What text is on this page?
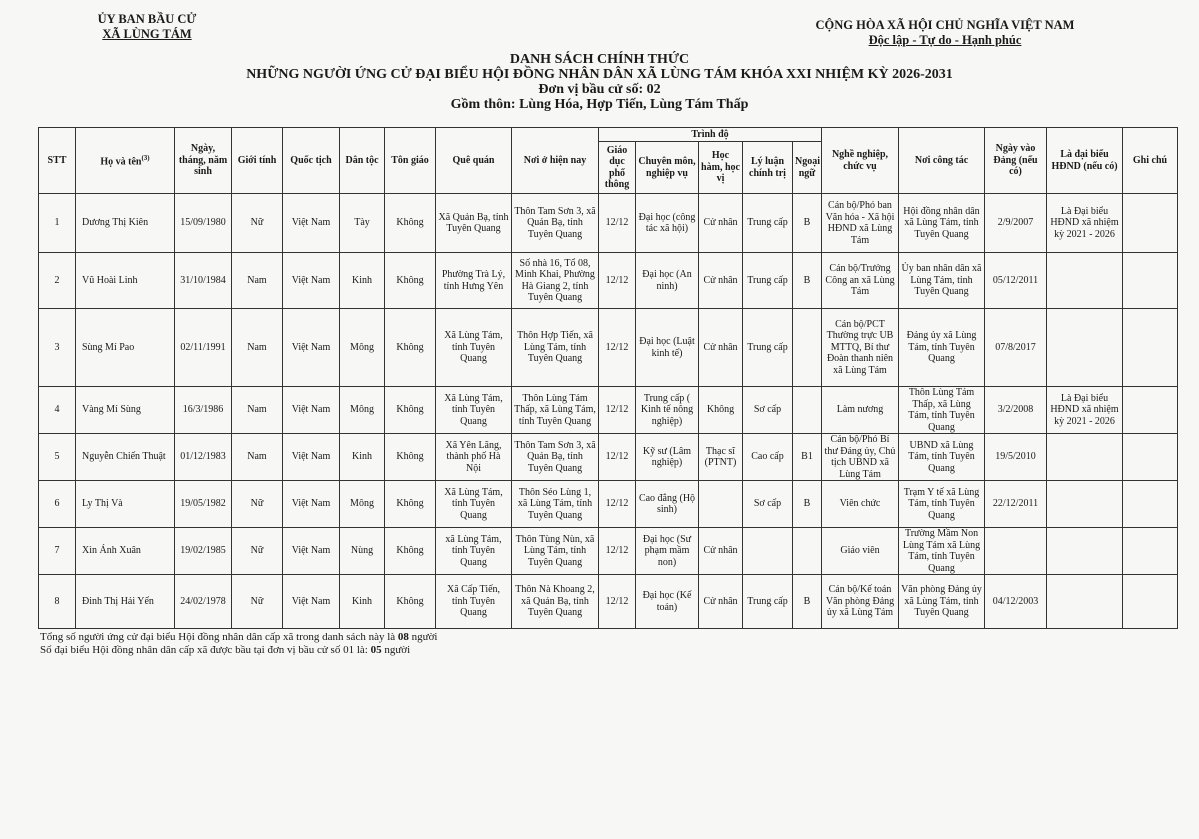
ỦY BAN BẦU CỬ
XÃ LÙNG TÁM
CỘNG HÒA XÃ HỘI CHỦ NGHĨA VIỆT NAM
Độc lập - Tự do - Hạnh phúc
DANH SÁCH CHÍNH THỨC
NHỮNG NGƯỜI ỨNG CỬ ĐẠI BIỂU HỘI ĐỒNG NHÂN DÂN XÃ LÙNG TÁM KHÓA XXI NHIỆM KỲ 2026-2031
Đơn vị bầu cử số: 02
Gồm thôn: Lùng Hóa, Hợp Tiến, Lùng Tám Thấp
STT	Họ và tên$^{(3)}$	Ngày, tháng, năm sinh	Giới tính	Quốc tịch	Dân tộc	Tôn giáo	Quê quán	Nơi ở hiện nay	Trình độ					Nghề nghiệp, chức vụ	Nơi công tác	Ngày vào Đảng (nếu có)	Là đại biểu HĐND (nếu có)	Ghi chú
									Giáo dục phổ thông	Chuyên môn, nghiệp vụ	Học hàm, học vị	Lý luận chính trị	Ngoại ngữ					
1	Dương Thị Kiên	15/09/1980	Nữ	Việt Nam	Tày	Không	Xã Quản Bạ, tỉnh Tuyên Quang	Thôn Tam Sơn 3, xã Quản Bạ, tỉnh Tuyên Quang	12/12	Đại học (công tác xã hội)	Cử nhân	Trung cấp	B	Cán bộ/Phó ban Văn hóa - Xã hội HĐND xã Lùng Tám	Hội đồng nhân dân xã Lùng Tám, tỉnh Tuyên Quang	2/9/2007	Là Đại biểu HĐND xã nhiệm kỳ 2021 - 2026	
2	Vũ Hoài Linh	31/10/1984	Nam	Việt Nam	Kinh	Không	Phường Trà Lý, tỉnh Hưng Yên	Số nhà 16, Tổ 08, Minh Khai, Phường Hà Giang 2, tỉnh Tuyên Quang	12/12	Đại học (An ninh)	Cử nhân	Trung cấp	B	Cán bộ/Trưởng Công an xã Lùng Tám	Ủy ban nhân dân xã Lùng Tám, tỉnh Tuyên Quang	05/12/2011		
3	Sùng Mí Pao	02/11/1991	Nam	Việt Nam	Mông	Không	Xã Lùng Tám, tỉnh Tuyên Quang	Thôn Hợp Tiến, xã Lùng Tám, tỉnh Tuyên Quang	12/12	Đại học (Luật kinh tế)	Cử nhân	Trung cấp		Cán bộ/PCT Thường trực UB MTTQ, Bí thư Đoàn thanh niên xã Lùng Tám	Đảng ủy xã Lùng Tám, tỉnh Tuyên Quang	07/8/2017		
4	Vàng Mí Sùng	16/3/1986	Nam	Việt Nam	Mông	Không	Xã Lùng Tám, tỉnh Tuyên Quang	Thôn Lùng Tám Thấp, xã Lùng Tám, tỉnh Tuyên Quang	12/12	Trung cấp ( Kinh tế nông nghiệp)	Không	Sơ cấp		Làm nương	Thôn Lùng Tám Thấp, xã Lùng Tám, tỉnh Tuyên Quang	3/2/2008	Là Đại biểu HĐND xã nhiệm kỳ 2021 - 2026	
5	Nguyễn Chiến Thuật	01/12/1983	Nam	Việt Nam	Kinh	Không	Xã Yên Lãng, thành phố Hà Nội	Thôn Tam Sơn 3, xã Quản Bạ, tỉnh Tuyên Quang	12/12	Kỹ sư (Lâm nghiệp)	Thạc sĩ (PTNT)	Cao cấp	B1	Cán bộ/Phó Bí thư Đảng ủy, Chủ tịch UBND xã Lùng Tám	UBND xã Lùng Tám, tỉnh Tuyên Quang	19/5/2010		
6	Ly Thị Và	19/05/1982	Nữ	Việt Nam	Mông	Không	Xã Lùng Tám, tỉnh Tuyên Quang	Thôn Séo Lùng 1, xã Lùng Tám, tỉnh Tuyên Quang	12/12	Cao đẳng (Hộ sinh)		Sơ cấp	B	Viên chức	Trạm Y tế xã Lùng Tám, tỉnh Tuyên Quang	22/12/2011		
7	Xìn Ánh Xuân	19/02/1985	Nữ	Việt Nam	Nùng	Không	xã Lùng Tám, tỉnh Tuyên Quang	Thôn Tùng Nùn, xã Lùng Tám, tỉnh Tuyên Quang	12/12	Đại học (Sư phạm mầm non)	Cử nhân			Giáo viên	Trường Mầm Non Lùng Tám xã Lùng Tám, tỉnh Tuyên Quang			
8	Đinh Thị Hải Yến	24/02/1978	Nữ	Việt Nam	Kinh	Không	Xã Cấp Tiến, tỉnh Tuyên Quang	Thôn Nà Khoang 2, xã Quản Bạ, tỉnh Tuyên Quang	12/12	Đại học (Kế toán)	Cử nhân	Trung cấp	B	Cán bộ/Kế toán Văn phòng Đảng ủy xã Lùng Tám	Văn phòng Đảng ủy xã Lùng Tám, tỉnh Tuyên Quang	04/12/2003		
Tổng số người ứng cử đại biểu Hội đồng nhân dân cấp xã trong danh sách này là 08 người
Số đại biểu Hội đồng nhân dân cấp xã được bầu tại đơn vị bầu cử số 01 là: 05 người
